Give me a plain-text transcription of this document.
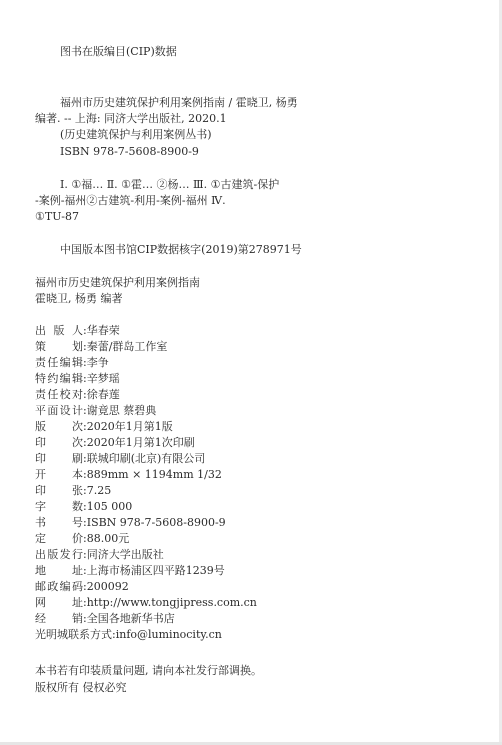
图书在版编目(CIP)数据
福州市历史建筑保护利用案例指南 / 霍晓卫, 杨勇
编著. -- 上海: 同济大学出版社, 2020.1
(历史建筑保护与利用案例丛书)
ISBN 978-7-5608-8900-9
Ⅰ. ①福… Ⅱ. ①霍… ②杨… Ⅲ. ①古建筑-保护
-案例-福州②古建筑-利用-案例-福州 Ⅳ.
①TU-87
中国版本图书馆CIP数据核字(2019)第278971号
福州市历史建筑保护利用案例指南
霍晓卫, 杨勇 编著
出版人:华春荣
策划:秦蕾/群岛工作室
责任编辑:李争
特约编辑:辛梦瑶
责任校对:徐春莲
平面设计:谢竟思 蔡碧典
版次:2020年1月第1版
印次:2020年1月第1次印刷
印刷:联城印刷(北京)有限公司
开本:889mm × 1194mm 1/32
印张:7.25
字数:105 000
书号:ISBN 978-7-5608-8900-9
定价:88.00元
出版发行:同济大学出版社
地址:上海市杨浦区四平路1239号
邮政编码:200092
网址:http://www.tongjipress.com.cn
经销:全国各地新华书店
光明城联系方式:info@luminocity.cn
本书若有印装质量问题, 请向本社发行部调换。
版权所有 侵权必究
